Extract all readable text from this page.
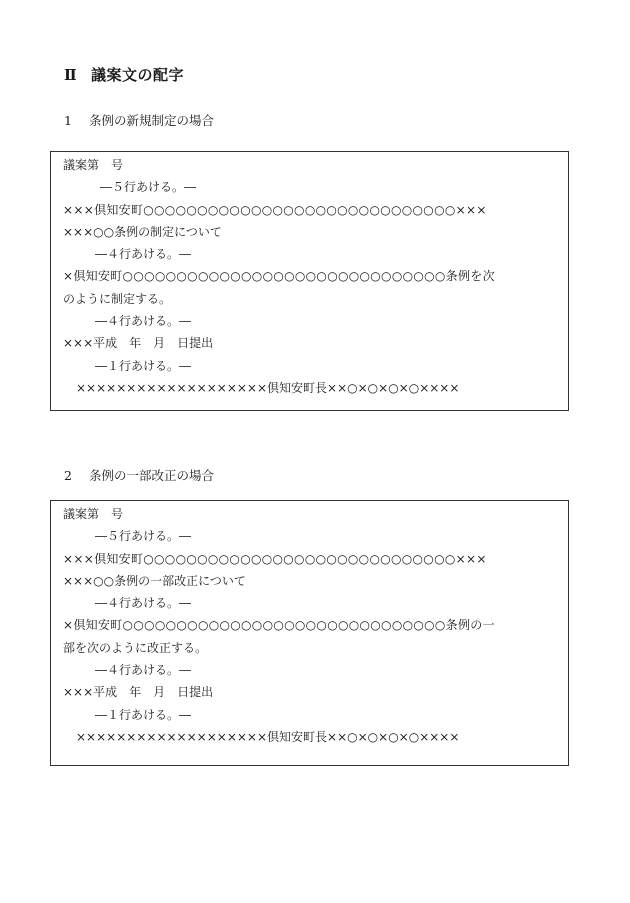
Ⅱ 議案文の配字
1 条例の新規制定の場合
議案第　号
―５行あける。―
×××倶知安町○○○○○○○○○○○○○○○○○○○○○○○○○○○○○×××
×××○○条例の制定について
―４行あける。―
×倶知安町○○○○○○○○○○○○○○○○○○○○○○○○○○○○○○条例を次
のように制定する。
―４行あける。―
×××平成　年　月　日提出
―１行あける。―
×××××××××××××××××××倶知安町長××○×○×○×○××××
2 条例の一部改正の場合
議案第　号
―５行あける。―
×××倶知安町○○○○○○○○○○○○○○○○○○○○○○○○○○○○○×××
×××○○条例の一部改正について
―４行あける。―
×倶知安町○○○○○○○○○○○○○○○○○○○○○○○○○○○○○○条例の一
部を次のように改正する。
―４行あける。―
×××平成　年　月　日提出
―１行あける。―
×××××××××××××××××××倶知安町長××○×○×○×○××××
